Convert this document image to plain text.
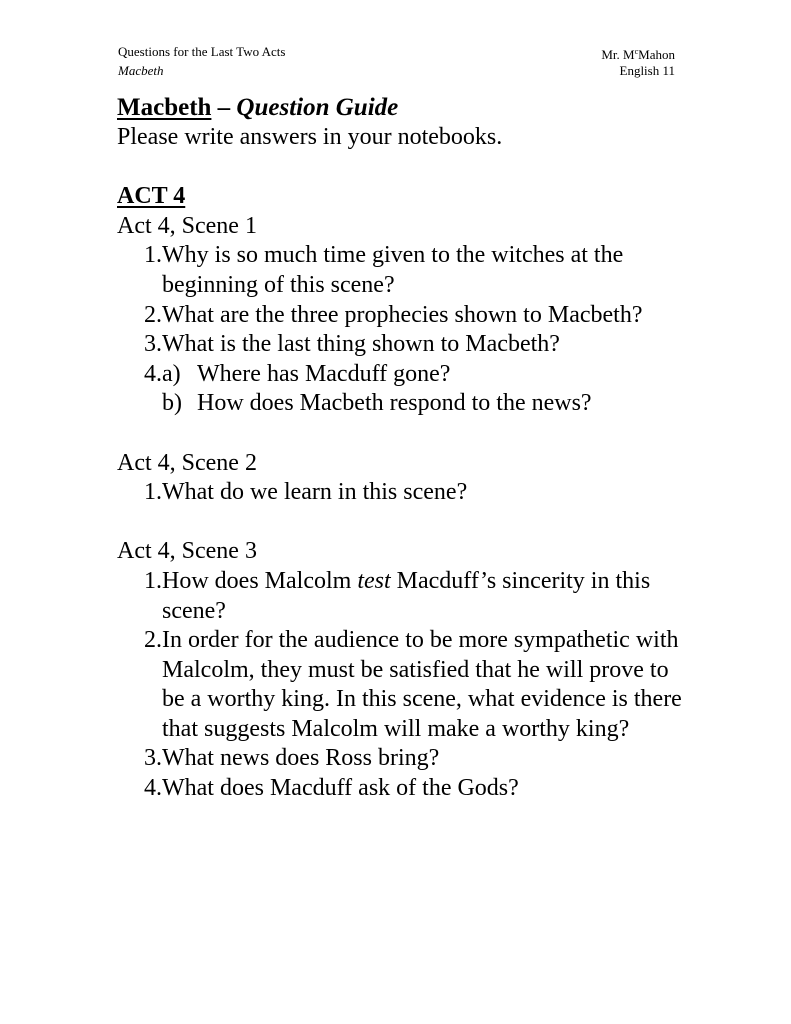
Questions for the Last Two Acts	Mr. $M^cMahon$
Macbeth	English 11
Macbeth – Question Guide
Please write answers in your notebooks.
ACT 4
Act 4, Scene 1
1. Why is so much time given to the witches at the beginning of this scene?
2. What are the three prophecies shown to Macbeth?
3. What is the last thing shown to Macbeth?
4. a) Where has Macduff gone?
b) How does Macbeth respond to the news?
Act 4, Scene 2
1. What do we learn in this scene?
Act 4, Scene 3
1. How does Malcolm test Macduff’s sincerity in this scene?
2. In order for the audience to be more sympathetic with Malcolm, they must be satisfied that he will prove to be a worthy king. In this scene, what evidence is there that suggests Malcolm will make a worthy king?
3. What news does Ross bring?
4. What does Macduff ask of the Gods?
